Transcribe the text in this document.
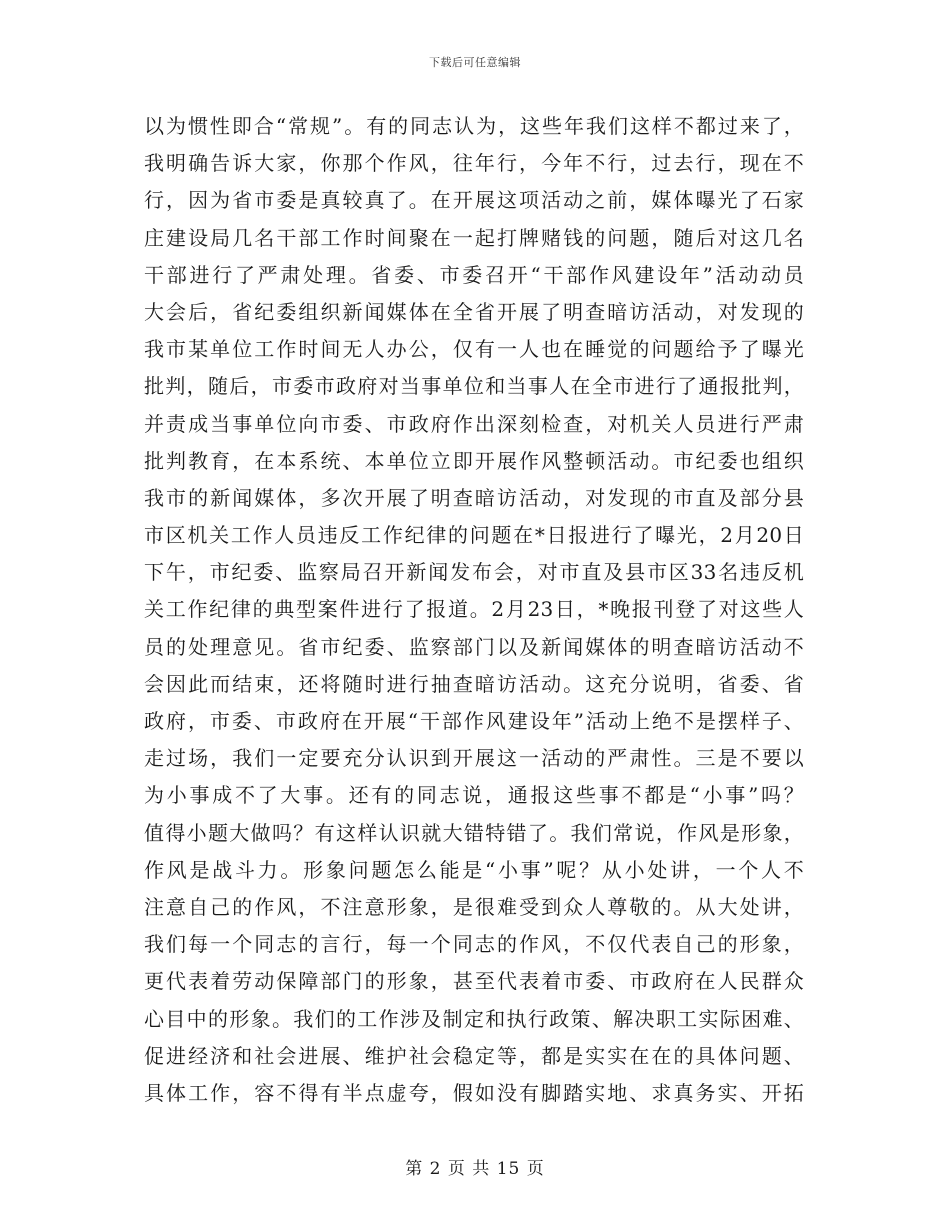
下载后可任意编辑
以为惯性即合“常规”。有的同志认为，这些年我们这样不都过来了，
我明确告诉大家，你那个作风，往年行，今年不行，过去行，现在不
行，因为省市委是真较真了。在开展这项活动之前，媒体曝光了石家
庄建设局几名干部工作时间聚在一起打牌赌钱的问题，随后对这几名
干部进行了严肃处理。省委、市委召开“干部作风建设年”活动动员
大会后，省纪委组织新闻媒体在全省开展了明查暗访活动，对发现的
我市某单位工作时间无人办公，仅有一人也在睡觉的问题给予了曝光
批判，随后，市委市政府对当事单位和当事人在全市进行了通报批判，
并责成当事单位向市委、市政府作出深刻检查，对机关人员进行严肃
批判教育，在本系统、本单位立即开展作风整顿活动。市纪委也组织
我市的新闻媒体，多次开展了明查暗访活动，对发现的市直及部分县
市区机关工作人员违反工作纪律的问题在*日报进行了曝光，2月20日
下午，市纪委、监察局召开新闻发布会，对市直及县市区33名违反机
关工作纪律的典型案件进行了报道。2月23日，*晚报刊登了对这些人
员的处理意见。省市纪委、监察部门以及新闻媒体的明查暗访活动不
会因此而结束，还将随时进行抽查暗访活动。这充分说明，省委、省
政府，市委、市政府在开展“干部作风建设年”活动上绝不是摆样子、
走过场，我们一定要充分认识到开展这一活动的严肃性。三是不要以
为小事成不了大事。还有的同志说，通报这些事不都是“小事”吗？
值得小题大做吗？有这样认识就大错特错了。我们常说，作风是形象，
作风是战斗力。形象问题怎么能是“小事”呢？从小处讲，一个人不
注意自己的作风，不注意形象，是很难受到众人尊敬的。从大处讲，
我们每一个同志的言行，每一个同志的作风，不仅代表自己的形象，
更代表着劳动保障部门的形象，甚至代表着市委、市政府在人民群众
心目中的形象。我们的工作涉及制定和执行政策、解决职工实际困难、
促进经济和社会进展、维护社会稳定等，都是实实在在的具体问题、
具体工作，容不得有半点虚夸，假如没有脚踏实地、求真务实、开拓
第 2 页 共 15 页
